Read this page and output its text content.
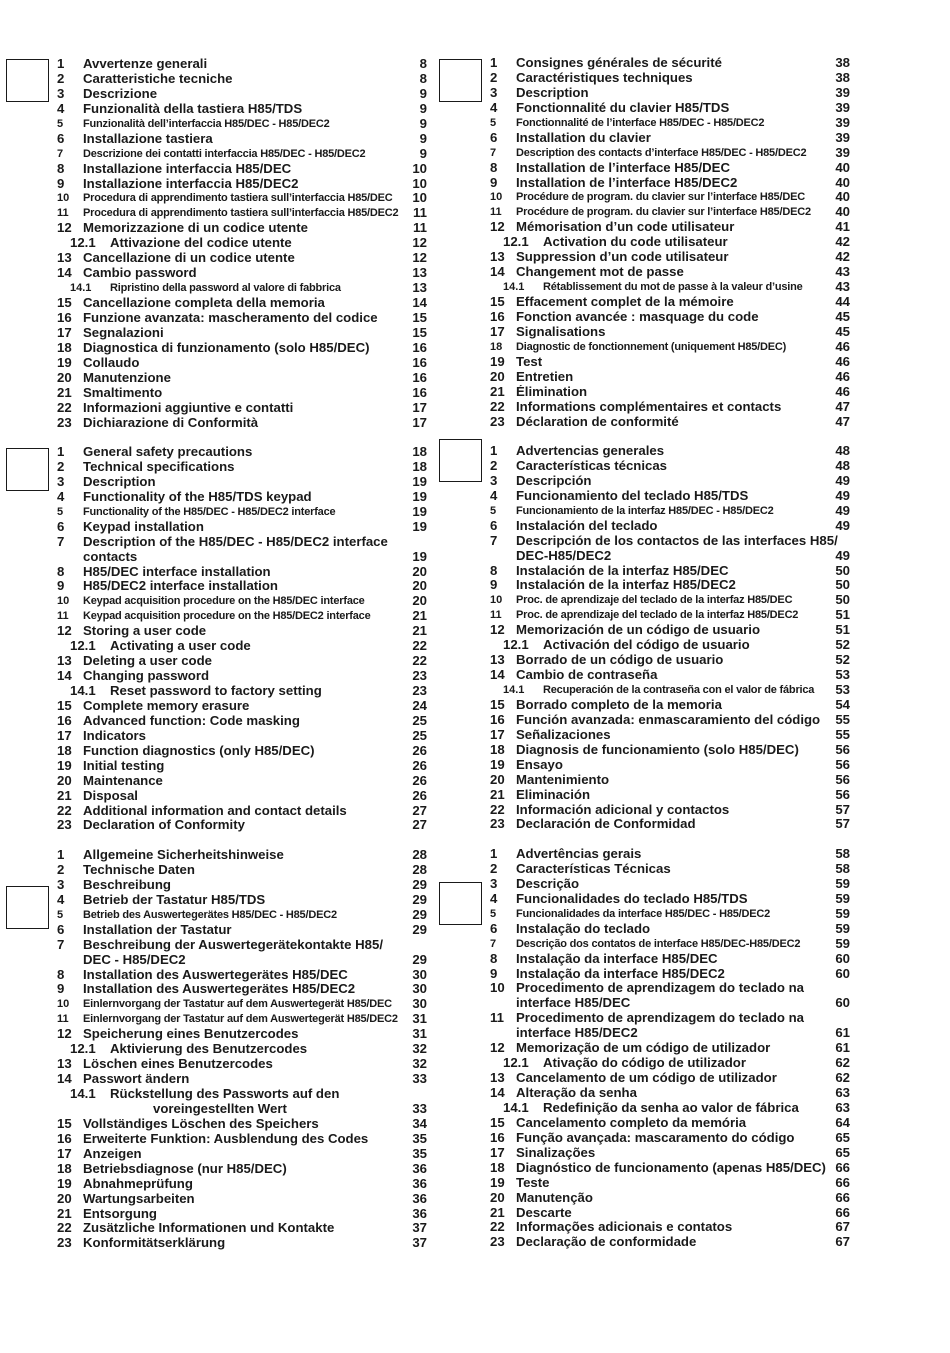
1	Avvertenze generali	8
2	Caratteristiche tecniche	8
3	Descrizione	9
4	Funzionalità della tastiera H85/TDS	9
5	Funzionalità dell’interfaccia H85/DEC - H85/DEC2	9
6	Installazione tastiera	9
7	Descrizione dei contatti interfaccia H85/DEC - H85/DEC2	9
8	Installazione interfaccia H85/DEC	10
9	Installazione interfaccia H85/DEC2	10
10	Procedura di apprendimento tastiera sull’interfaccia H85/DEC	10
11	Procedura di apprendimento tastiera sull’interfaccia H85/DEC2	11
12 Memorizzazione di un codice utente	11
12.1 Attivazione del codice utente	12
13 Cancellazione di un codice utente	12
14 Cambio password	13
14.1	Ripristino della password al valore di fabbrica	13
15 Cancellazione completa della memoria	14
16 Funzione avanzata: mascheramento del codice	15
17 Segnalazioni	15
18 Diagnostica di funzionamento (solo H85/DEC)	16
19 Collaudo	16
20 Manutenzione	16
21 Smaltimento	16
22 Informazioni aggiuntive e contatti	17
23 Dichiarazione di Conformità	17
1	Consignes générales de sécurité	38
2	Caractéristiques techniques	38
3	Description	39
4	Fonctionnalité du clavier H85/TDS	39
5	Fonctionnalité de l’interface H85/DEC - H85/DEC2	39
6	Installation du clavier	39
7	Description des contacts d’interface H85/DEC - H85/DEC2	39
8	Installation de l’interface H85/DEC	40
9	Installation de l’interface H85/DEC2	40
10	Procédure de program. du clavier sur l’interface H85/DEC	40
11	Procédure de program. du clavier sur l’interface H85/DEC2	40
12 Mémorisation d’un code utilisateur	41
12.1 Activation du code utilisateur	42
13 Suppression d’un code utilisateur	42
14 Changement mot de passe	43
14.1	Rétablissement du mot de passe à la valeur d’usine	43
15 Effacement complet de la mémoire	44
16 Fonction avancée : masquage du code	45
17 Signalisations	45
18	Diagnostic de fonctionnement (uniquement H85/DEC)	46
19 Test	46
20 Entretien	46
21 Élimination	46
22 Informations complémentaires et contacts	47
23 Déclaration de conformité	47
1	General safety precautions	18
2	Technical specifications	18
3	Description	19
4	Functionality of the H85/TDS keypad	19
5	Functionality of the H85/DEC - H85/DEC2 interface	19
6	Keypad installation	19
7	Description of the H85/DEC - H85/DEC2 interface
contacts	19
8	H85/DEC interface installation	20
9	H85/DEC2 interface installation	20
10	Keypad acquisition procedure on the H85/DEC interface	20
11	Keypad acquisition procedure on the H85/DEC2 interface	21
12 Storing a user code	21
12.1 Activating a user code	22
13 Deleting a user code	22
14 Changing password	23
14.1 Reset password to factory setting	23
15 Complete memory erasure	24
16 Advanced function: Code masking	25
17 Indicators	25
18 Function diagnostics (only H85/DEC)	26
19 Initial testing	26
20 Maintenance	26
21 Disposal	26
22 Additional information and contact details	27
23 Declaration of Conformity	27
1	Advertencias generales	48
2	Características técnicas	48
3	Descripción	49
4	Funcionamiento del teclado H85/TDS	49
5	Funcionamiento de la interfaz H85/DEC - H85/DEC2	49
6	Instalación del teclado	49
7	Descripción de los contactos de las interfaces H85/
DEC-H85/DEC2	49
8	Instalación de la interfaz H85/DEC	50
9	Instalación de la interfaz H85/DEC2	50
10	Proc. de aprendizaje del teclado de la interfaz H85/DEC	50
11	Proc. de aprendizaje del teclado de la interfaz H85/DEC2	51
12 Memorización de un código de usuario	51
12.1 Activación del código de usuario	52
13 Borrado de un código de usuario	52
14 Cambio de contraseña	53
14.1	Recuperación de la contraseña con el valor de fábrica	53
15 Borrado completo de la memoria	54
16 Función avanzada: enmascaramiento del código	55
17 Señalizaciones	55
18 Diagnosis de funcionamiento (solo H85/DEC)	56
19 Ensayo	56
20 Mantenimiento	56
21 Eliminación	56
22 Información adicional y contactos	57
23 Declaración de Conformidad	57
1	Allgemeine Sicherheitshinweise	28
2	Technische Daten	28
3	Beschreibung	29
4	Betrieb der Tastatur H85/TDS	29
5	Betrieb des Auswertegerätes H85/DEC - H85/DEC2	29
6	Installation der Tastatur	29
7	Beschreibung der Auswertegerätekontakte H85/
DEC - H85/DEC2	29
8	Installation des Auswertegerätes H85/DEC	30
9	Installation des Auswertegerätes H85/DEC2	30
10	Einlernvorgang der Tastatur auf dem Auswertegerät H85/DEC	30
11	Einlernvorgang der Tastatur auf dem Auswertegerät H85/DEC2	31
12 Speicherung eines Benutzercodes	31
12.1 Aktivierung des Benutzercodes	32
13 Löschen eines Benutzercodes	32
14 Passwort ändern	33
14.1 Rückstellung des Passworts auf den
voreingestellten Wert	33
15 Vollständiges Löschen des Speichers	34
16 Erweiterte Funktion: Ausblendung des Codes	35
17 Anzeigen	35
18 Betriebsdiagnose (nur H85/DEC)	36
19 Abnahmeprüfung	36
20 Wartungsarbeiten	36
21 Entsorgung	36
22 Zusätzliche Informationen und Kontakte	37
23 Konformitätserklärung	37
1	Advertências gerais	58
2	Características Técnicas	58
3	Descrição	59
4	Funcionalidades do teclado H85/TDS	59
5	Funcionalidades da interface H85/DEC - H85/DEC2	59
6	Instalação do teclado	59
7	Descrição dos contatos de interface H85/DEC-H85/DEC2	59
8	Instalação da interface H85/DEC	60
9	Instalação da interface H85/DEC2	60
10 Procedimento de aprendizagem do teclado na
interface H85/DEC	60
11 Procedimento de aprendizagem do teclado na
interface H85/DEC2	61
12 Memorização de um código de utilizador	61
12.1 Ativação do código de utilizador	62
13 Cancelamento de um código de utilizador	62
14 Alteração da senha	63
14.1 Redefinição da senha ao valor de fábrica	63
15 Cancelamento completo da memória	64
16 Função avançada: mascaramento do código	65
17 Sinalizações	65
18 Diagnóstico de funcionamento (apenas H85/DEC) 66
19 Teste	66
20 Manutenção	66
21 Descarte	66
22 Informações adicionais e contatos	67
23 Declaração de conformidade	67
